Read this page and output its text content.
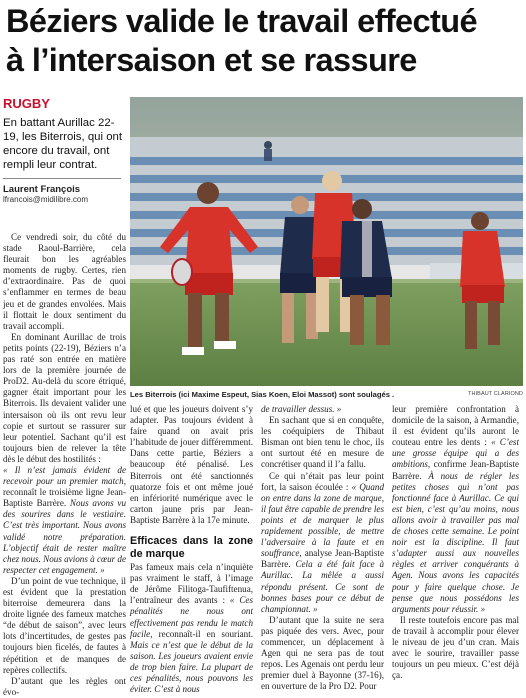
Béziers valide le travail effectué
à l’intersaison et se rassure
RUGBY
En battant Aurillac 22-19, les Biterrois, qui ont encore du travail, ont rempli leur contrat.
Laurent François
lfrancois@midilibre.com

Ce vendredi soir, du côté du stade Raoul-Barrière, cela fleurait bon les agréables moments de rugby. Certes, rien d’extraordinaire. Pas de quoi s’enflammer en termes de beau jeu et de grandes envolées. Mais il flottait le doux sentiment du travail accompli.

En dominant Aurillac de trois petits points (22-19), Béziers n’a pas raté son entrée en matière lors de la première journée de ProD2. Au-delà du score étriqué, gagner était important pour les Biterrois. Ils devaient valider une intersaison où ils ont revu leur copie et surtout se rassurer sur leur potentiel. Sachant qu’il est toujours bien de relever la tête dès le début des hostilités :

« Il n’est jamais évident de recevoir pour un premier match, reconnaît le troisième ligne Jean-Baptiste Barrère. Nous avons vu des sourires dans le vestiaire. C’est très important. Nous avons validé notre préparation. L’objectif était de rester maître chez nous. Nous avions à cœur de respecter cet engagement. »

D’un point de vue technique, il est évident que la prestation biterroise demeurera dans la droite lignée des fameux matches “de début de saison”, avec leurs lots d’incertitudes, de gestes pas toujours bien ficelés, de fautes à répétition et de manques de repères collectifs.

D’autant que les règles ont évo-

Les Biterrois (ici Maxime Espeut, Sias Koen, Eloi Massot) sont soulagés .	THIBAUT CLARIOND

lué et que les joueurs doivent s’y adapter. Pas toujours évident à faire quand on avait pris l’habitude de jouer différemment. Dans cette partie, Béziers a beaucoup été pénalisé. Les Biterrois ont été sanctionnés quatorze fois et ont même joué en infériorité numérique avec le carton jaune pris par Jean-Baptiste Barrère à la 17e minute.

Efficaces dans la zone de marque

Pas fameux mais cela n’inquiète pas vraiment le staff, à l’image de Jérôme Filitoga-Taufiftenua, l’entraîneur des avants : « Ces pénalités ne nous ont effectivement pas rendu le match facile, reconnaît-il en souriant. Mais ce n’est que le début de la saison. Les joueurs avaient envie de trop bien faire. La plupart de ces pénalités, nous pouvons les éviter. C’est à nous

de travailler dessus. »

En sachant que si en conquête, les coéquipiers de Thibaut Bisman ont bien tenu le choc, ils ont surtout été en mesure de concrétiser quand il l’a fallu.

Ce qui n’était pas leur point fort, la saison écoulée : « Quand on entre dans la zone de marque, il faut être capable de prendre les points et de marquer le plus rapidement possible, de mettre l’adversaire à la faute et en souffrance, analyse Jean-Baptiste Barrère. Cela a été fait face à Aurillac. La mêlée a aussi répondu présent. Ce sont de bonnes bases pour ce début de championnat. »

D’autant que la suite ne sera pas piquée des vers. Avec, pour commencer, un déplacement à Agen qui ne sera pas de tout repos. Les Agenais ont perdu leur premier duel à Bayonne (37-16), en ouverture de la Pro D2. Pour

leur première confrontation à domicile de la saison, à Armandie, il est évident qu’ils auront le couteau entre les dents : « C’est une grosse équipe qui a des ambitions, confirme Jean-Baptiste Barrère. À nous de régler les petites choses qui n’ont pas fonctionné face à Aurillac. Ce qui est bien, c’est qu’au moins, nous allons avoir à travailler pas mal de choses cette semaine. Le point noir est la discipline. Il faut s’adapter aussi aux nouvelles règles et arriver conquérants à Agen. Nous avons les capacités pour y faire quelque chose. Je pense que nous possédons les arguments pour réussir. »

Il reste toutefois encore pas mal de travail à accomplir pour élever le niveau de jeu d’un cran. Mais avec le sourire, travailler passe toujours un peu mieux. C’est déjà ça.
